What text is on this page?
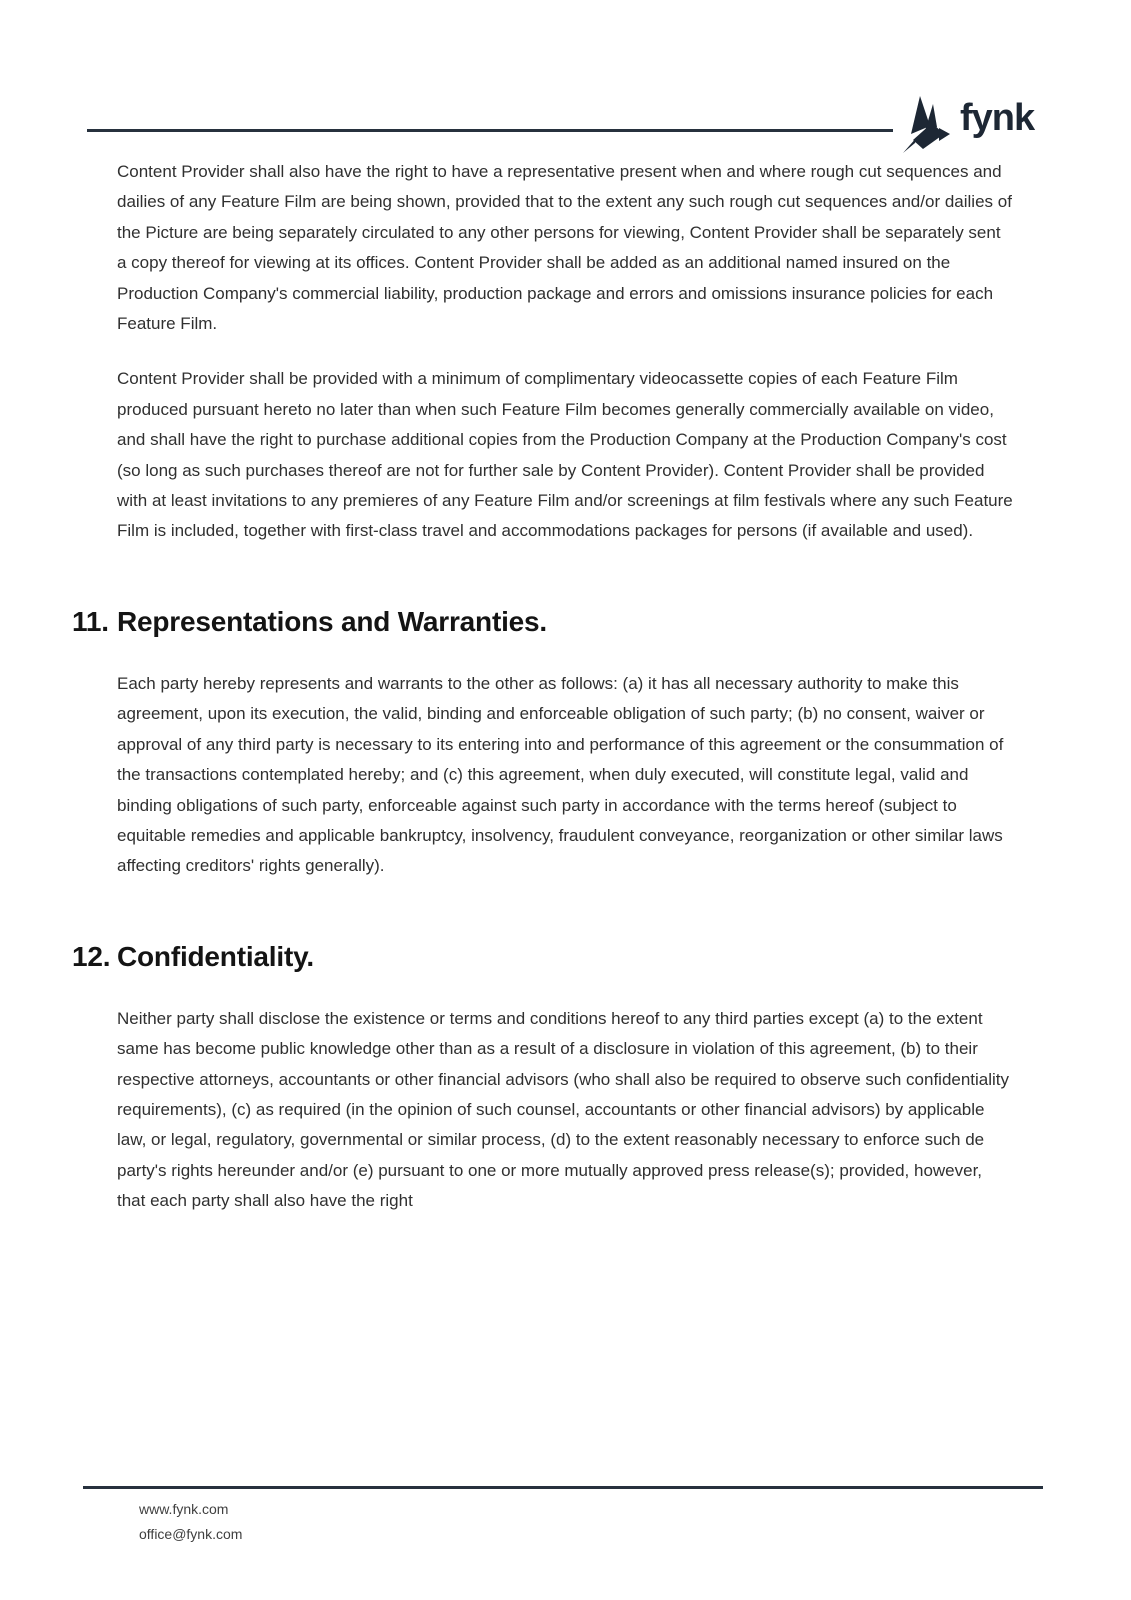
fynk

Content Provider shall also have the right to have a representative present when and where rough cut sequences and dailies of any Feature Film are being shown, provided that to the extent any such rough cut sequences and/or dailies of the Picture are being separately circulated to any other persons for viewing, Content Provider shall be separately sent a copy thereof for viewing at its offices. Content Provider shall be added as an additional named insured on the Production Company's commercial liability, production package and errors and omissions insurance policies for each Feature Film.

Content Provider shall be provided with a minimum of complimentary videocassette copies of each Feature Film produced pursuant hereto no later than when such Feature Film becomes generally commercially available on video, and shall have the right to purchase additional copies from the Production Company at the Production Company's cost (so long as such purchases thereof are not for further sale by Content Provider). Content Provider shall be provided with at least invitations to any premieres of any Feature Film and/or screenings at film festivals where any such Feature Film is included, together with first-class travel and accommodations packages for persons (if available and used).

11. Representations and Warranties.

Each party hereby represents and warrants to the other as follows: (a) it has all necessary authority to make this agreement, upon its execution, the valid, binding and enforceable obligation of such party; (b) no consent, waiver or approval of any third party is necessary to its entering into and performance of this agreement or the consummation of the transactions contemplated hereby; and (c) this agreement, when duly executed, will constitute legal, valid and binding obligations of such party, enforceable against such party in accordance with the terms hereof (subject to equitable remedies and applicable bankruptcy, insolvency, fraudulent conveyance, reorganization or other similar laws affecting creditors' rights generally).

12. Confidentiality.

Neither party shall disclose the existence or terms and conditions hereof to any third parties except (a) to the extent same has become public knowledge other than as a result of a disclosure in violation of this agreement, (b) to their respective attorneys, accountants or other financial advisors (who shall also be required to observe such confidentiality requirements), (c) as required (in the opinion of such counsel, accountants or other financial advisors) by applicable law, or legal, regulatory, governmental or similar process, (d) to the extent reasonably necessary to enforce such de party's rights hereunder and/or (e) pursuant to one or more mutually approved press release(s); provided, however, that each party shall also have the right

www.fynk.com
office@fynk.com
